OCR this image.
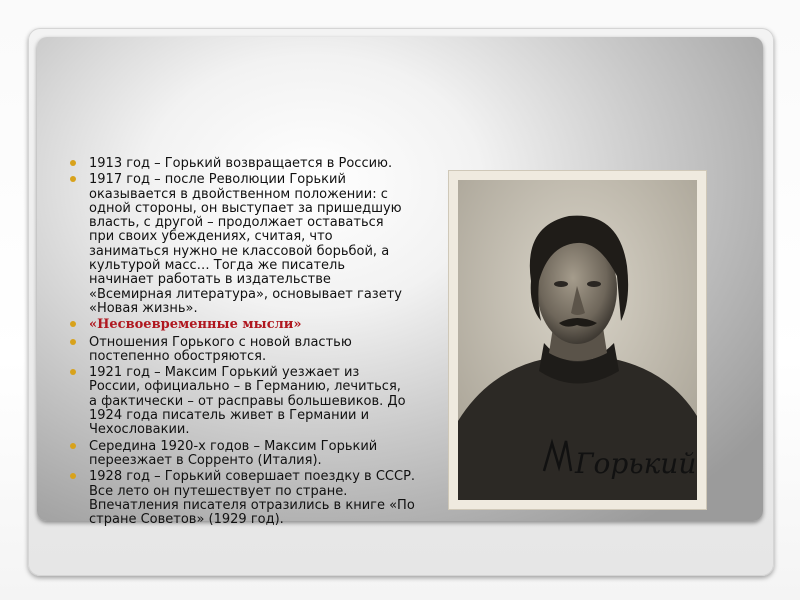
1913 год – Горький возвращается в Россию.
1917 год – после Революции Горький
оказывается в двойственном положении: с
одной стороны, он выступает за пришедшую
власть, с другой – продолжает оставаться
при своих убеждениях, считая, что
заниматься нужно не классовой борьбой, а
культурой масс… Тогда же писатель
начинает работать в издательстве
«Всемирная литература», основывает газету
«Новая жизнь».
«Несвоевременные мысли»
Отношения Горького с новой властью
постепенно обостряются.
1921 год – Максим Горький уезжает из
России, официально – в Германию, лечиться,
а фактически – от расправы большевиков. До
1924 года писатель живет в Германии и
Чехословакии.
Середина 1920-х годов – Максим Горький
переезжает в Сорренто (Италия).
1928 год – Горький совершает поездку в СССР.
Все лето он путешествует по стране.
Впечатления писателя отразились в книге «По
стране Советов» (1929 год).
Горький
